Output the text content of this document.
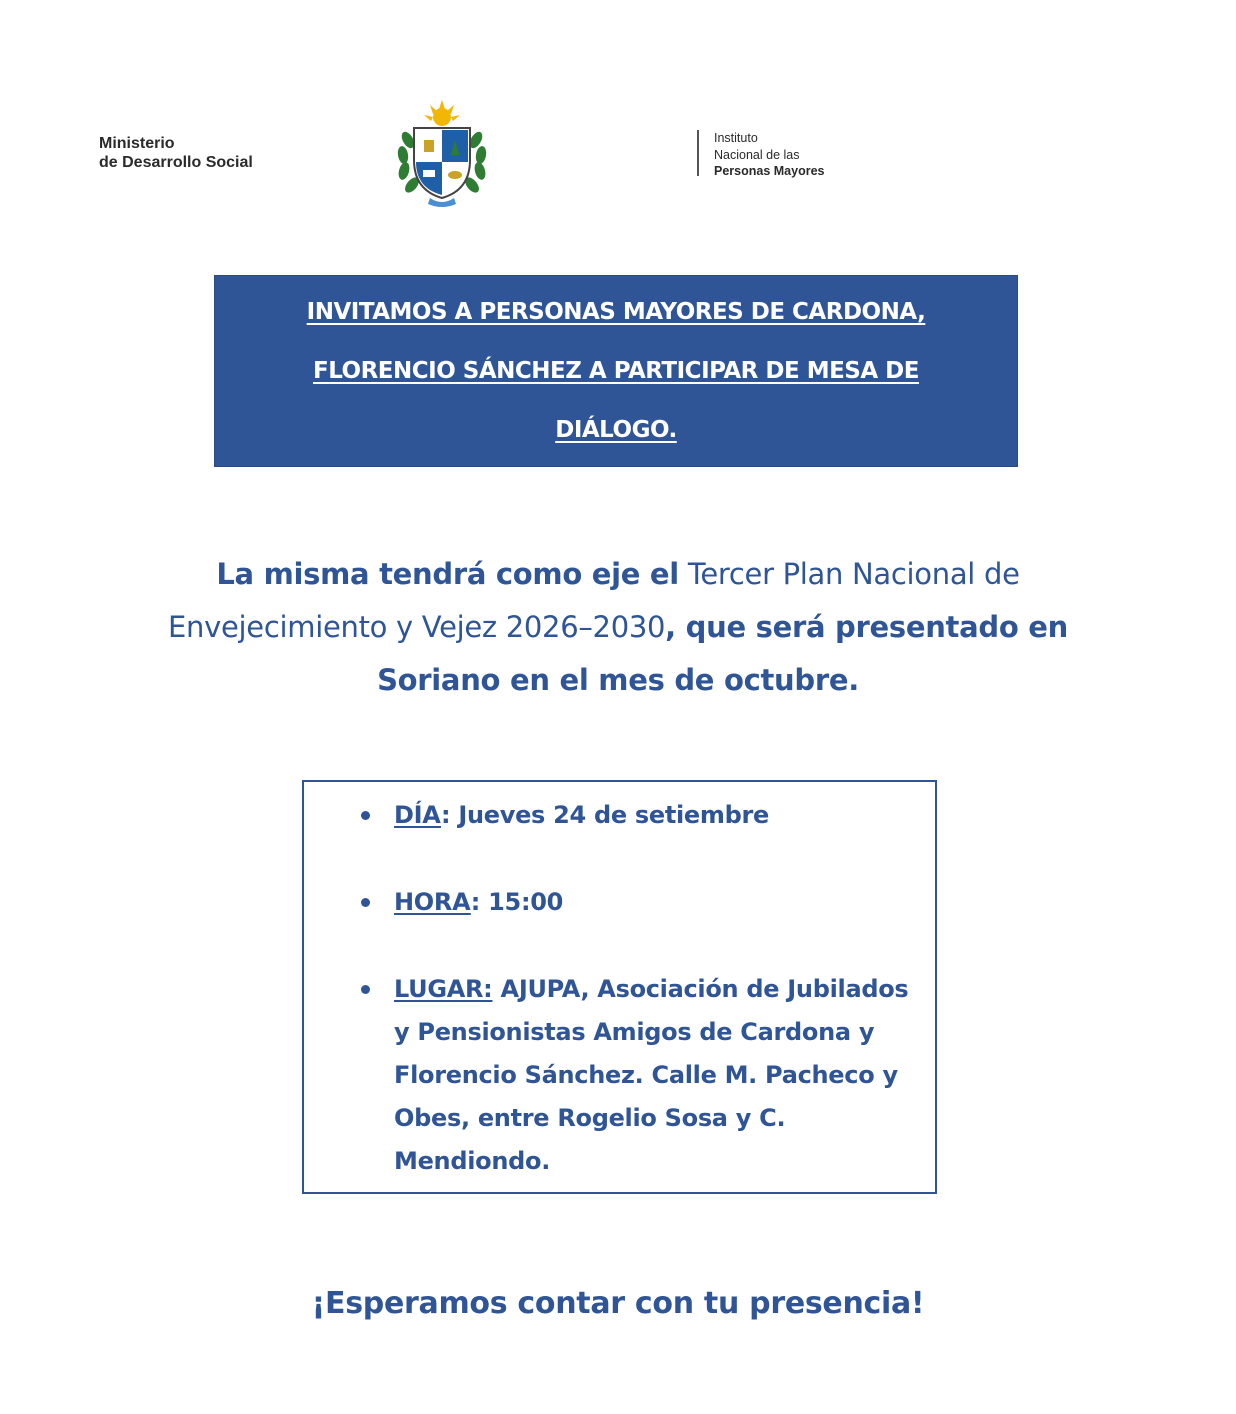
Ministerio
de Desarrollo Social
Instituto
Nacional de las
Personas Mayores
INVITAMOS A PERSONAS MAYORES DE CARDONA, FLORENCIO SÁNCHEZ A PARTICIPAR DE MESA DE DIÁLOGO.
La misma tendrá como eje el Tercer Plan Nacional de Envejecimiento y Vejez 2026–2030, que será presentado en Soriano en el mes de octubre.
DÍA: Jueves 24 de setiembre
HORA: 15:00
LUGAR: AJUPA, Asociación de Jubilados y Pensionistas Amigos de Cardona y Florencio Sánchez. Calle M. Pacheco y Obes, entre Rogelio Sosa y C. Mendiondo.
¡Esperamos contar con tu presencia!
